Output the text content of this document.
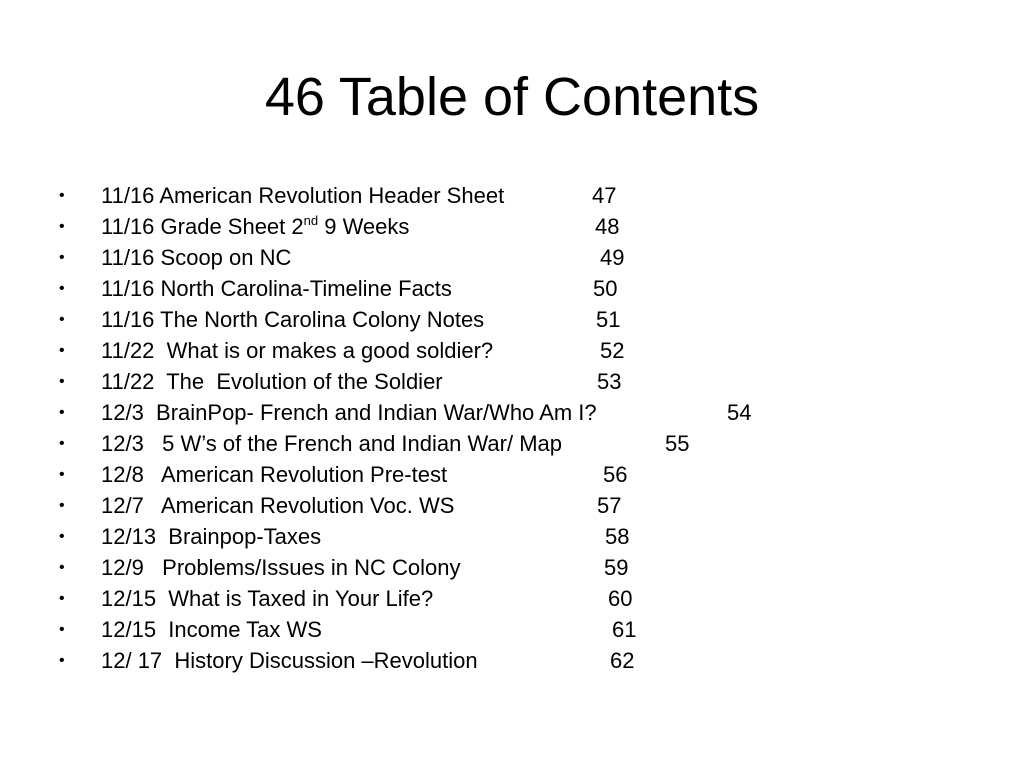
46 Table of Contents
• 11/16 American Revolution Header Sheet	47
• 11/16 Grade Sheet 2nd 9 Weeks	48
• 11/16 Scoop on NC	49
• 11/16 North Carolina-Timeline Facts	50
• 11/16 The North Carolina Colony Notes	51
• 11/22  What is or makes a good soldier?	52
• 11/22  The  Evolution of the Soldier	53
• 12/3  BrainPop- French and Indian War/Who Am I?	54
• 12/3   5 W’s of the French and Indian War/ Map	55
• 12/8   American Revolution Pre-test	56
• 12/7   American Revolution Voc. WS	57
• 12/13  Brainpop-Taxes	58
• 12/9   Problems/Issues in NC Colony	59
• 12/15  What is Taxed in Your Life?	60
• 12/15  Income Tax WS	61
• 12/ 17  History Discussion –Revolution	62
